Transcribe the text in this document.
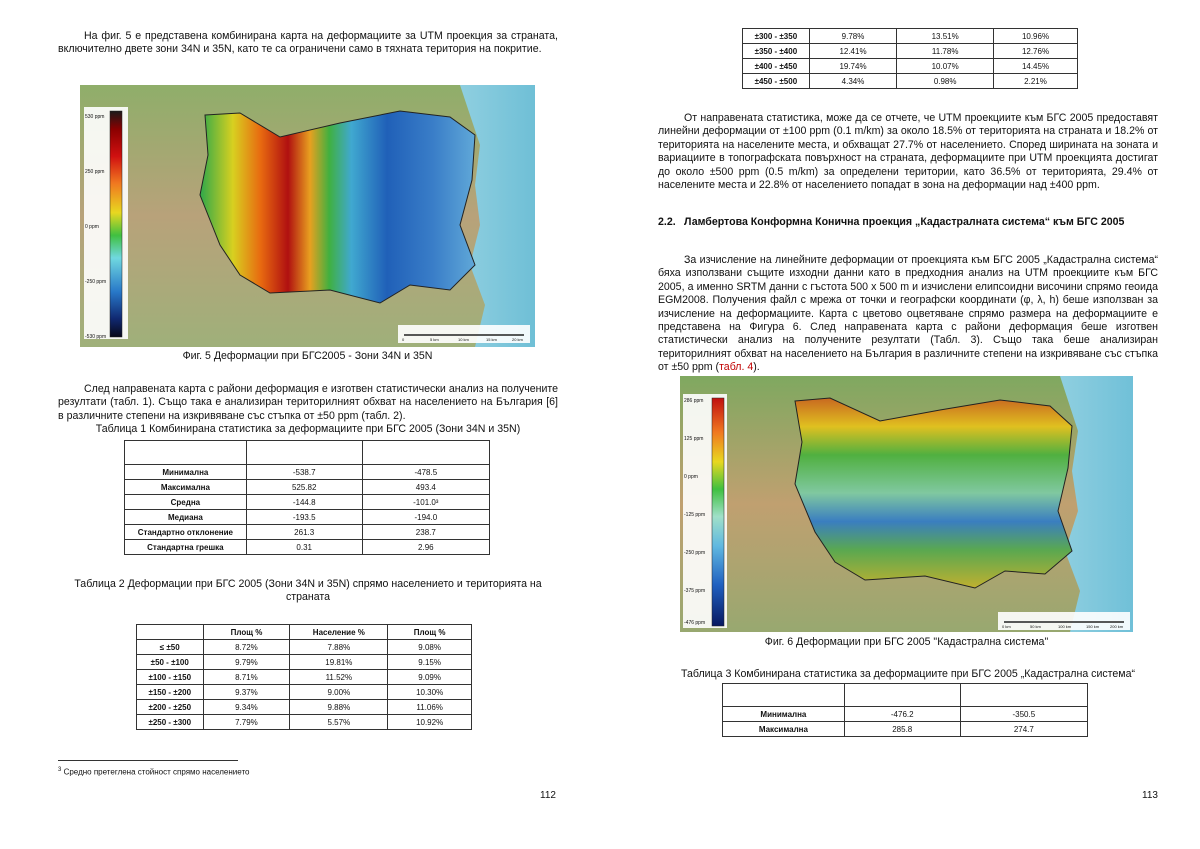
На фиг. 5 е представена комбинирана карта на деформациите за UTM проекция за страната, включително двете зони 34N и 35N, като те са ограничени само в тяхната територия на покритие.

530 ppm
250 ppm
0 ppm
-250 ppm
-530 ppm	0	5 km	10 km	15 km	20 km

Фиг. 5 Деформации при БГС2005 - Зони 34N и 35N

След направената карта с райони деформация е изготвен статистически анализ на получените резултати (табл. 1). Също така е анализиран територилният обхват на населението на България [6] в различните степени на изкривяване със стъпка от ±50 ppm (табл. 2).

Таблица 1 Комбинирана статистика за деформациите при БГС 2005 (Зони 34N и 35N)

Минимална	-538.7	-478.5
Максимална	525.82	493.4
Средна	-144.8	-101.0³
Медиана	-193.5	-194.0
Стандартно отклонение	261.3	238.7
Стандартна грешка	0.31	2.96

Таблица 2 Деформации при БГС 2005 (Зони 34N и 35N) спрямо населението и територията на страната

	Площ %	Население %	Площ %
≤ ±50	8.72%	7.88%	9.08%
±50 - ±100	9.79%	19.81%	9.15%
±100 - ±150	8.71%	11.52%	9.09%
±150 - ±200	9.37%	9.00%	10.30%
±200 - ±250	9.34%	9.88%	11.06%
±250 - ±300	7.79%	5.57%	10.92%
$^3$ Средно претеглена стойност спрямо населението
112
±300 - ±350	9.78%	13.51%	10.96%
±350 - ±400	12.41%	11.78%	12.76%
±400 - ±450	19.74%	10.07%	14.45%
±450 - ±500	4.34%	0.98%	2.21%

От направената статистика, може да се отчете, че UTM проекциите към БГС 2005 предоставят линейни деформации от ±100 ppm (0.1 m/km) за около 18.5% от територията на страната и 18.2% от територията на населените места, и обхващат 27.7% от населението. Според ширината на зоната и вариациите в топографската повърхност на страната, деформациите при UTM проекцията достигат до около ±500 ppm (0.5 m/km) за определени територии, като 36.5% от територията, 29.4% от населените места и 22.8% от населението попадат в зона на деформации над ±400 ppm.

2.2. Ламбертова Конформна Конична проекция „Кадастралната система“ към БГС 2005

За изчисление на линейните деформации от проекцията към БГС 2005 „Кадастрална система“ бяха използвани същите изходни данни като в предходния анализ на UTM проекциите към БГС 2005, а именно SRTM данни с гъстота 500 x 500 m и изчислени елипсоидни височини спрямо геоида EGM2008. Получения файл с мрежа от точки и географски координати (φ, λ, h) беше използван за изчисление на деформациите. Карта с цветово оцветяване спрямо размера на деформациите е представена на Фигура 6. След направената карта с райони деформация беше изготвен статистически анализ на получените резултати (Табл. 3). Също така беше анализиран територилният обхват на населението на България в различните степени на изкривяване със стъпка от ±50 ppm (табл. 4).

286 ppm
125 ppm
0 ppm
-125 ppm
-250 ppm
-375 ppm
-476 ppm
0 km	50 km	100 km	150 km	200 km

Фиг. 6 Деформации при БГС 2005 "Кадастрална система"

Таблица 3 Комбинирана статистика за деформациите при БГС 2005 „Кадастрална система“

Минимална	-476.2	-350.5
Максимална	285.8	274.7
113
